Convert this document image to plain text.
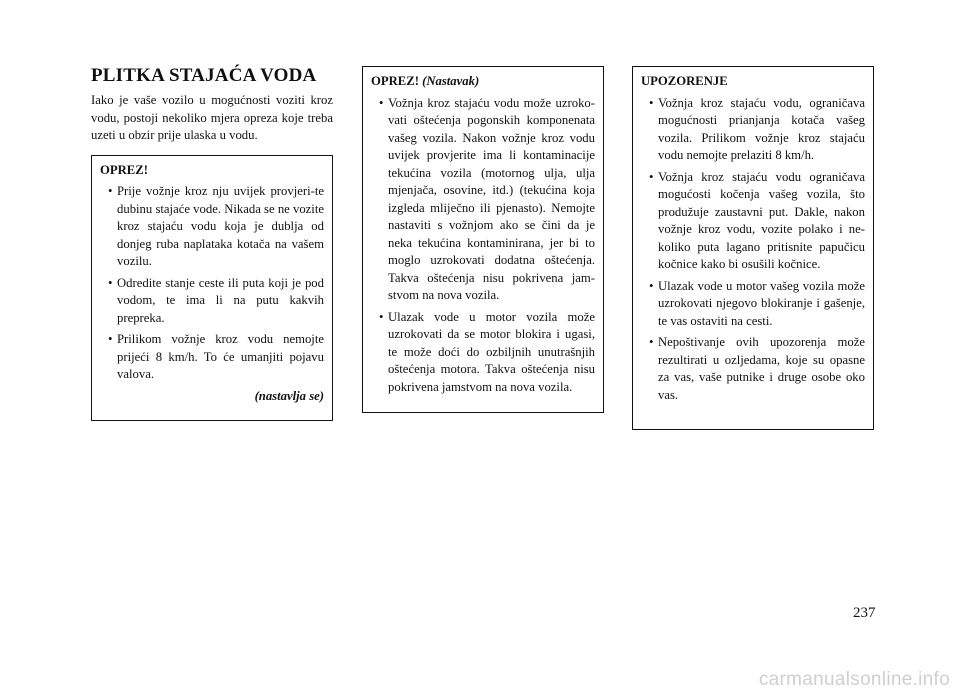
PLITKA STAJAĆA VODA

Iako je vaše vozilo u mogućnosti voziti kroz vodu, postoji nekoliko mjera opreza koje treba uzeti u obzir prije ulaska u vodu.

OPREZ!
• Prije vožnje kroz nju uvijek provjeri-te dubinu stajaće vode. Nikada se ne vozite kroz stajaću vodu koja je dublja od donjeg ruba naplataka kotača na vašem vozilu.
• Odredite stanje ceste ili puta koji je pod vodom, te ima li na putu kakvih prepreka.
• Prilikom vožnje kroz vodu nemojte prijeći 8 km/h. To će umanjiti pojavu valova.
(nastavlja se)
OPREZ! (Nastavak)
• Vožnja kroz stajaću vodu može uzroko-vati oštećenja pogonskih komponenata vašeg vozila. Nakon vožnje kroz vodu uvijek provjerite ima li kontaminacije tekućina vozila (motornog ulja, ulja mjenjača, osovine, itd.) (tekućina koja izgleda mliječno ili pjenasto). Nemojte nastaviti s vožnjom ako se čini da je neka tekućina kontaminirana, jer bi to moglo uzrokovati dodatna oštećenja. Takva oštećenja nisu pokrivena jam-stvom na nova vozila.
• Ulazak vode u motor vozila može uzrokovati da se motor blokira i ugasi, te može doći do ozbiljnih unutrašnjih oštećenja motora. Takva oštećenja nisu pokrivena jamstvom na nova vozila.
UPOZORENJE
• Vožnja kroz stajaću vodu, ograničava mogućnosti prianjanja kotača vašeg vozila. Prilikom vožnje kroz stajaću vodu nemojte prelaziti 8 km/h.
• Vožnja kroz stajaću vodu ograničava mogućosti kočenja vašeg vozila, što produžuje zaustavni put. Dakle, nakon vožnje kroz vodu, vozite polako i ne-koliko puta lagano pritisnite papučicu kočnice kako bi osušili kočnice.
• Ulazak vode u motor vašeg vozila može uzrokovati njegovo blokiranje i gašenje, te vas ostaviti na cesti.
• Nepoštivanje ovih upozorenja može rezultirati u ozljedama, koje su opasne za vas, vaše putnike i druge osobe oko vas.
237
carmanualsonline.info
